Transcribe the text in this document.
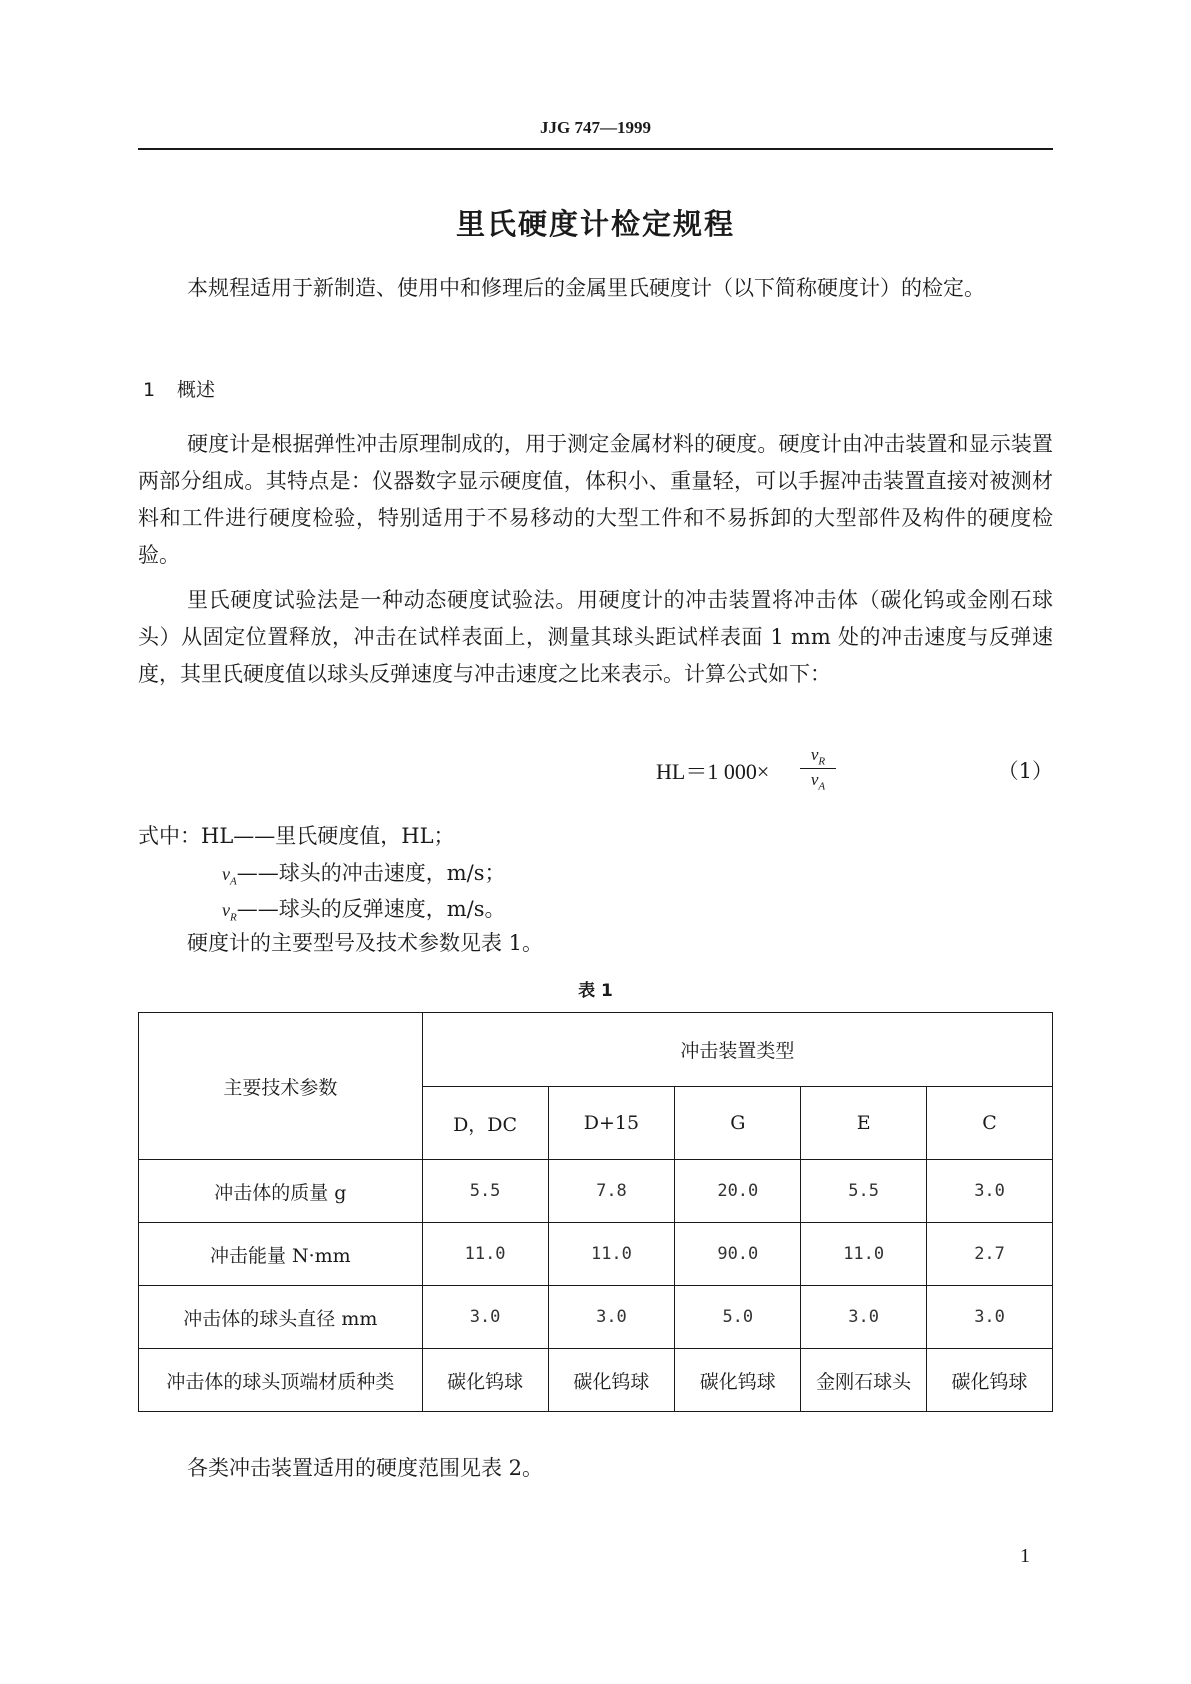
JJG 747—1999
里氏硬度计检定规程

本规程适用于新制造、使用中和修理后的金属里氏硬度计（以下简称硬度计）的检定。

1 概述

硬度计是根据弹性冲击原理制成的，用于测定金属材料的硬度。硬度计由冲击装置和显示装置两部分组成。其特点是：仪器数字显示硬度值，体积小、重量轻，可以手握冲击装置直接对被测材料和工件进行硬度检验，特别适用于不易移动的大型工件和不易拆卸的大型部件及构件的硬度检验。

里氏硬度试验法是一种动态硬度试验法。用硬度计的冲击装置将冲击体（碳化钨或金刚石球头）从固定位置释放，冲击在试样表面上，测量其球头距试样表面 1 mm 处的冲击速度与反弹速度，其里氏硬度值以球头反弹速度与冲击速度之比来表示。计算公式如下：

HL＝1 $000\times \frac{v_R}{v_A}$	（1）
式中：HL——里氏硬度值，HL；
$v_A——$球头的冲击速度，m/s；
$v_R——$球头的反弹速度，m/s。

硬度计的主要型号及技术参数见表 1。

表 1
主要技术参数	冲击装置类型				
	D，DC	D+15	G	E	C
冲击体的质量 g	5.5	7.8	20.0	5.5	3.0
冲击能量 N·mm	11.0	11.0	90.0	11.0	2.7
冲击体的球头直径 mm	3.0	3.0	5.0	3.0	3.0
冲击体的球头顶端材质种类	碳化钨球	碳化钨球	碳化钨球	金刚石球头	碳化钨球

各类冲击装置适用的硬度范围见表 2。

1
